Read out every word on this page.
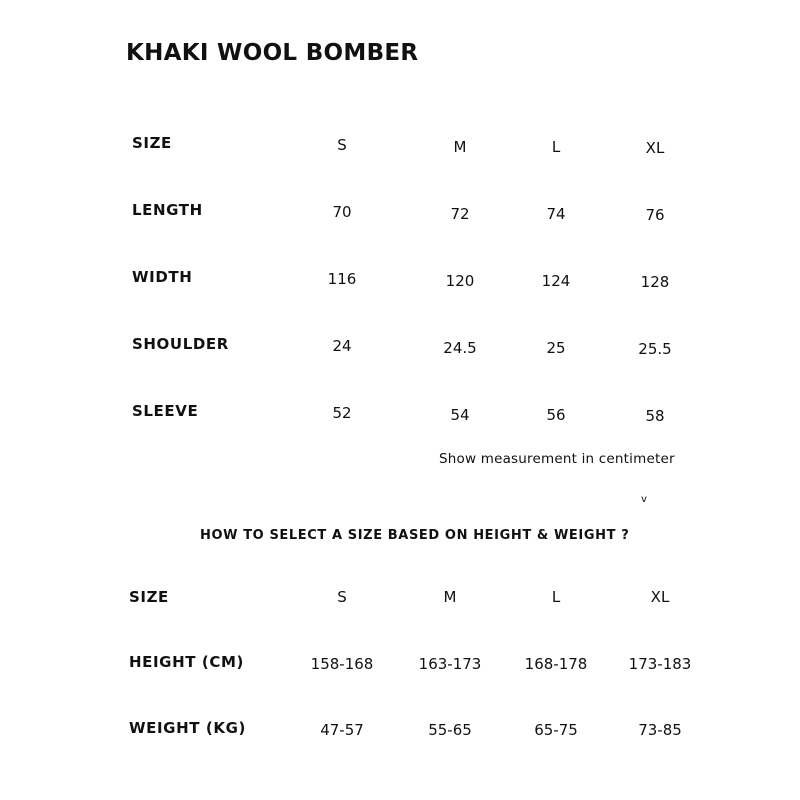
KHAKI WOOL BOMBER
SIZE	S	M	L	XL
LENGTH	70	72	74	76
WIDTH	116	120	124	128
SHOULDER	24	24.5	25	25.5
SLEEVE	52	54	56	58
Show measurement in centimeter
v
HOW TO SELECT A SIZE BASED ON HEIGHT & WEIGHT ?
SIZE	S	M	L	XL
HEIGHT (CM)	158-168	163-173	168-178	173-183
WEIGHT (KG)	47-57	55-65	65-75	73-85
